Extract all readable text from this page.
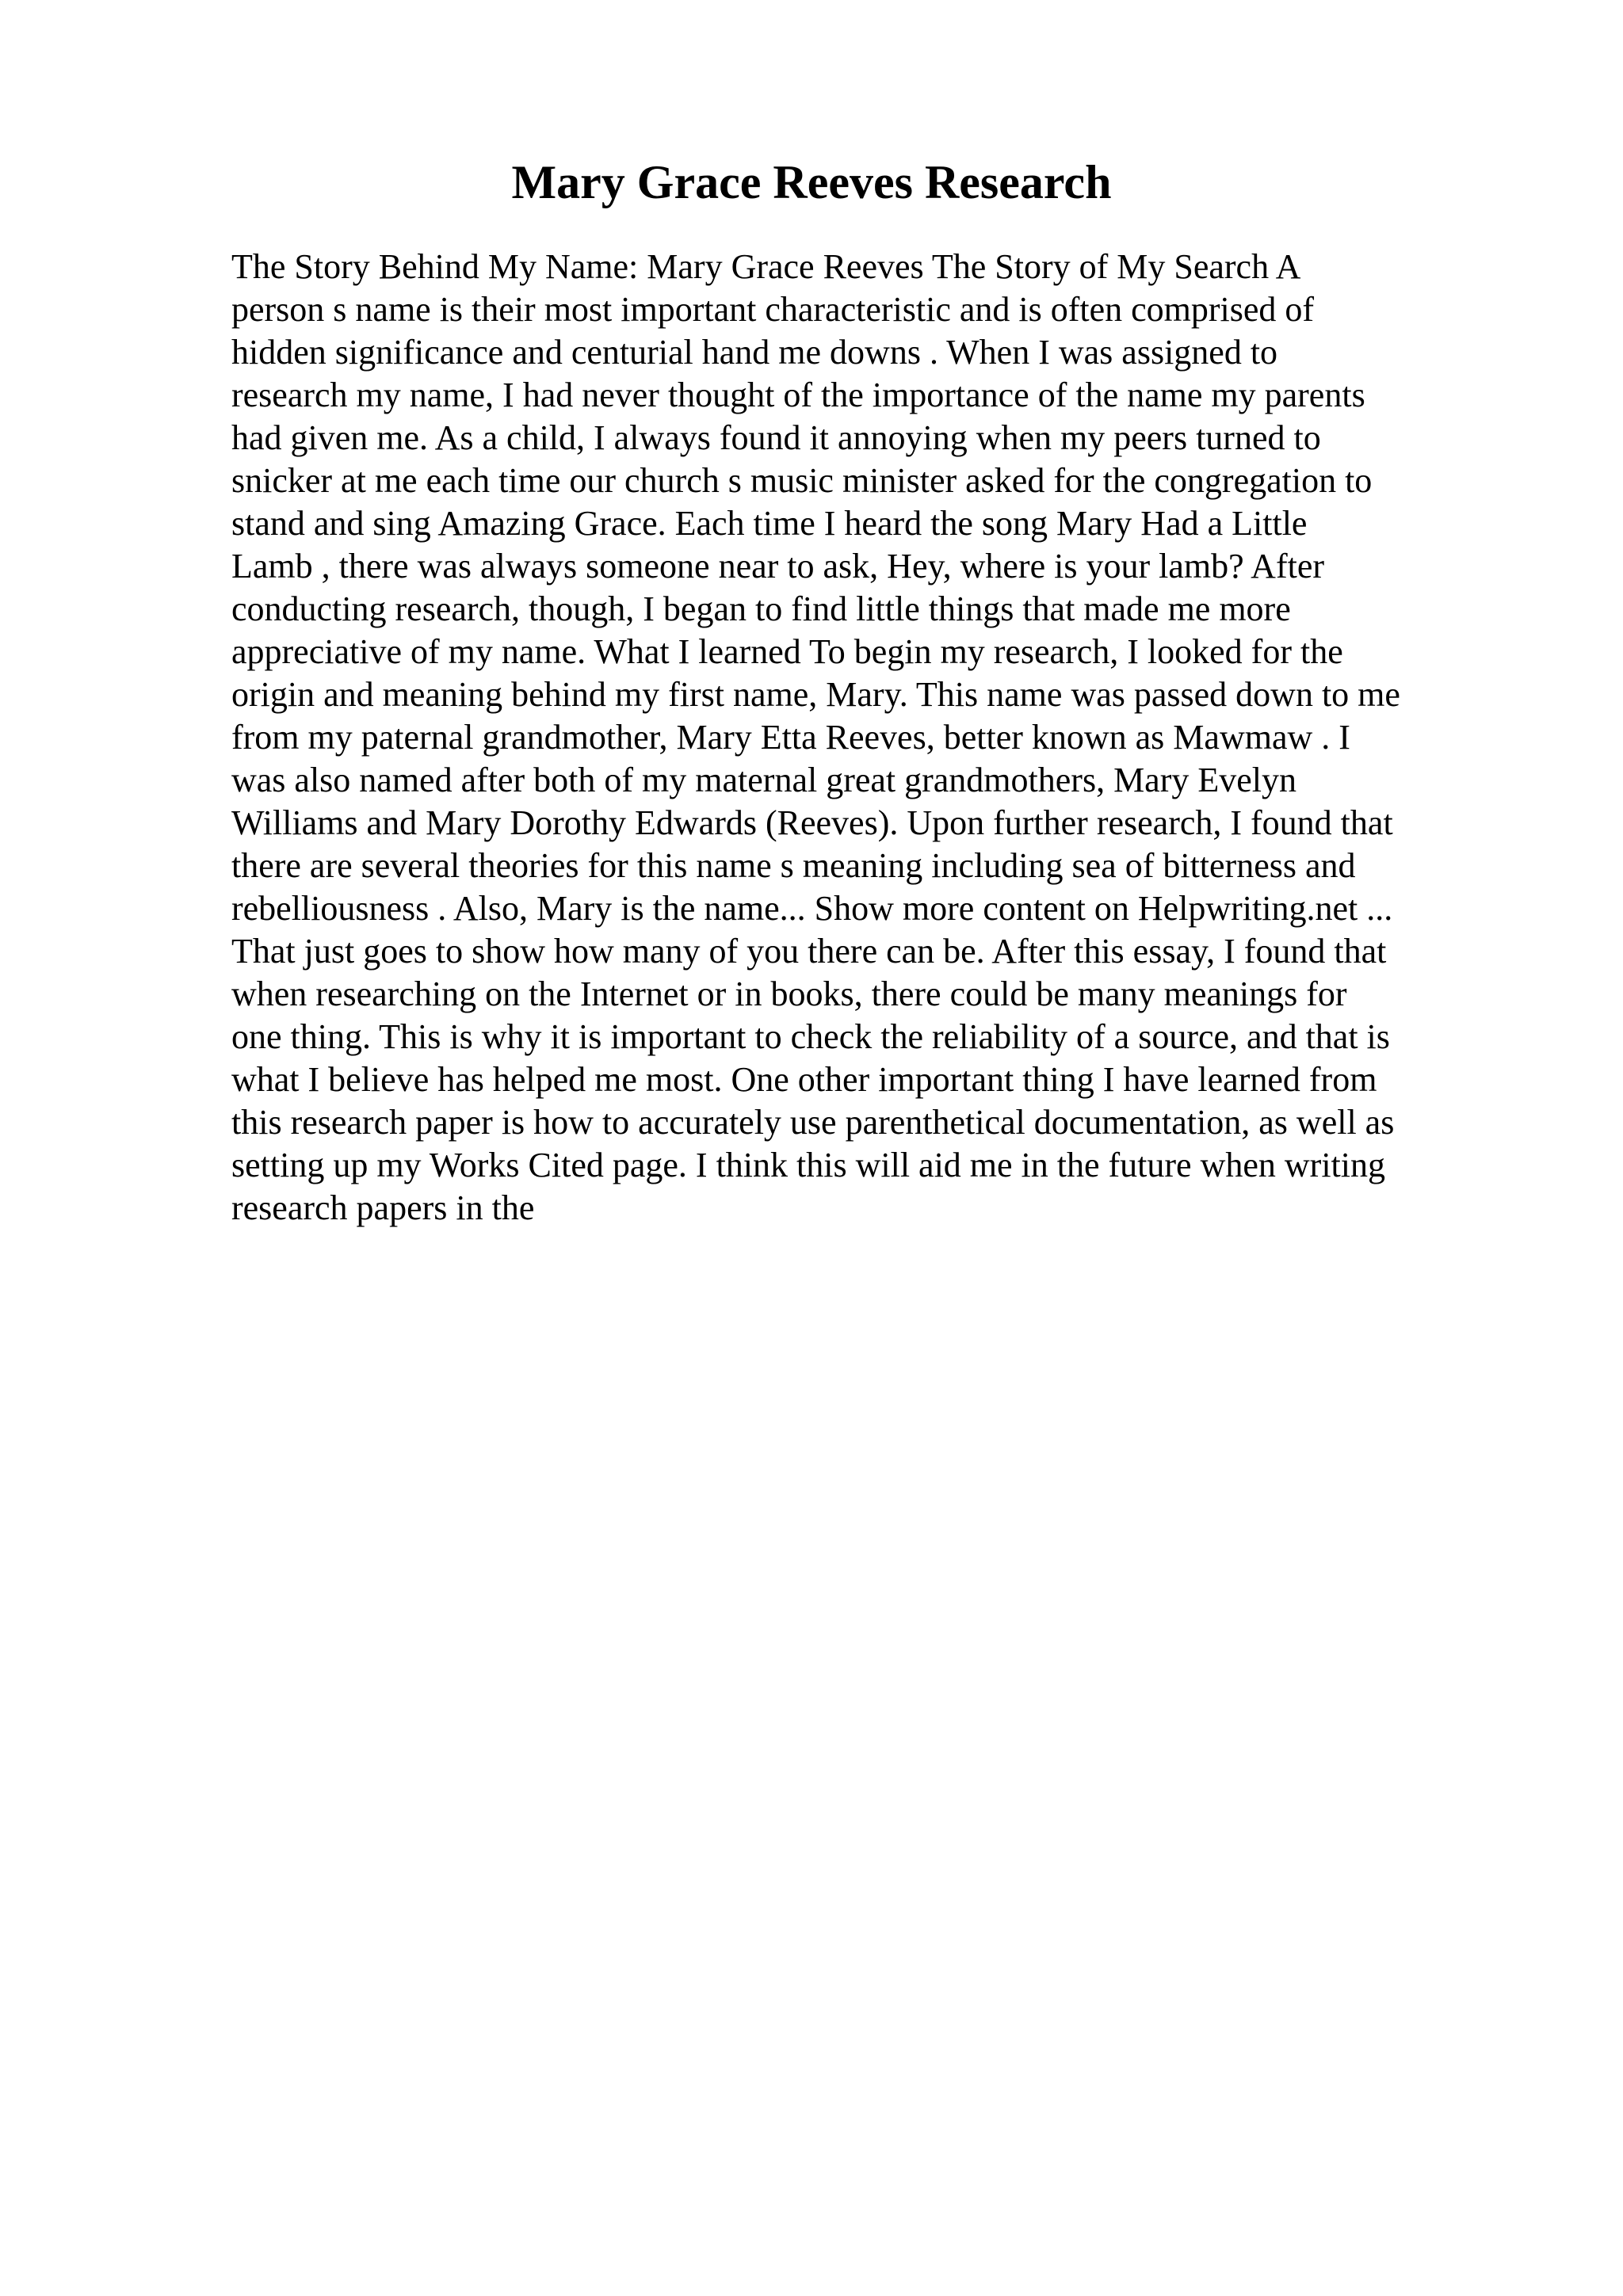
Mary Grace Reeves Research
The Story Behind My Name: Mary Grace Reeves The Story of My Search A
person s name is their most important characteristic and is often comprised of
hidden significance and centurial hand me downs . When I was assigned to
research my name, I had never thought of the importance of the name my parents
had given me. As a child, I always found it annoying when my peers turned to
snicker at me each time our church s music minister asked for the congregation to
stand and sing Amazing Grace. Each time I heard the song Mary Had a Little
Lamb , there was always someone near to ask, Hey, where is your lamb? After
conducting research, though, I began to find little things that made me more
appreciative of my name. What I learned To begin my research, I looked for the
origin and meaning behind my first name, Mary. This name was passed down to me
from my paternal grandmother, Mary Etta Reeves, better known as Mawmaw . I
was also named after both of my maternal great grandmothers, Mary Evelyn
Williams and Mary Dorothy Edwards (Reeves). Upon further research, I found that
there are several theories for this name s meaning including sea of bitterness and
rebelliousness . Also, Mary is the name... Show more content on Helpwriting.net ...
That just goes to show how many of you there can be. After this essay, I found that
when researching on the Internet or in books, there could be many meanings for
one thing. This is why it is important to check the reliability of a source, and that is
what I believe has helped me most. One other important thing I have learned from
this research paper is how to accurately use parenthetical documentation, as well as
setting up my Works Cited page. I think this will aid me in the future when writing
research papers in the
